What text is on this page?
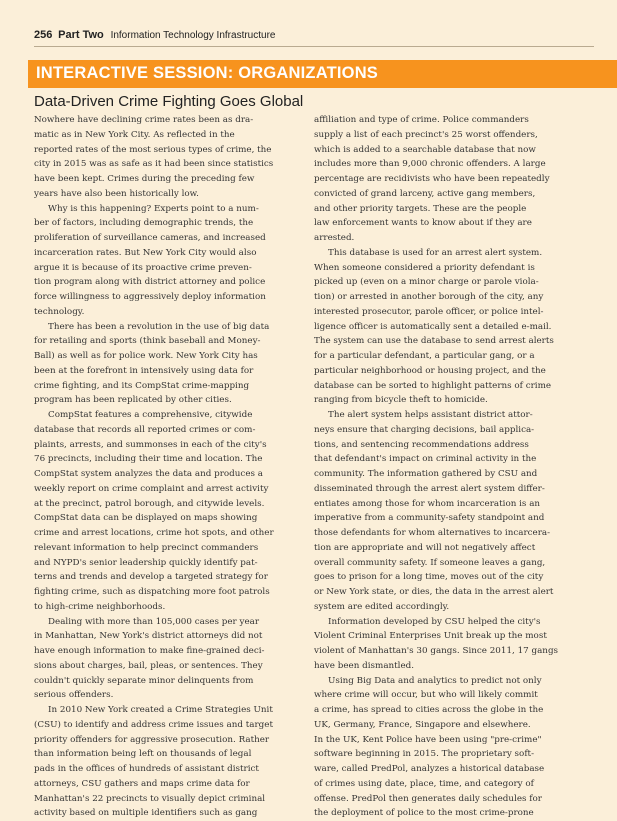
256 Part Two Information Technology Infrastructure
INTERACTIVE SESSION: ORGANIZATIONS
Data-Driven Crime Fighting Goes Global
Nowhere have declining crime rates been as dra-
matic as in New York City. As reflected in the
reported rates of the most serious types of crime, the
city in 2015 was as safe as it had been since statistics
have been kept. Crimes during the preceding few
years have also been historically low.
Why is this happening? Experts point to a num-
ber of factors, including demographic trends, the
proliferation of surveillance cameras, and increased
incarceration rates. But New York City would also
argue it is because of its proactive crime preven-
tion program along with district attorney and police
force willingness to aggressively deploy information
technology.
There has been a revolution in the use of big data
for retailing and sports (think baseball and Money-
Ball) as well as for police work. New York City has
been at the forefront in intensively using data for
crime fighting, and its CompStat crime-mapping
program has been replicated by other cities.
CompStat features a comprehensive, citywide
database that records all reported crimes or com-
plaints, arrests, and summonses in each of the city's
76 precincts, including their time and location. The
CompStat system analyzes the data and produces a
weekly report on crime complaint and arrest activity
at the precinct, patrol borough, and citywide levels.
CompStat data can be displayed on maps showing
crime and arrest locations, crime hot spots, and other
relevant information to help precinct commanders
and NYPD's senior leadership quickly identify pat-
terns and trends and develop a targeted strategy for
fighting crime, such as dispatching more foot patrols
to high-crime neighborhoods.
Dealing with more than 105,000 cases per year
in Manhattan, New York's district attorneys did not
have enough information to make fine-grained deci-
sions about charges, bail, pleas, or sentences. They
couldn't quickly separate minor delinquents from
serious offenders.
In 2010 New York created a Crime Strategies Unit
(CSU) to identify and address crime issues and target
priority offenders for aggressive prosecution. Rather
than information being left on thousands of legal
pads in the offices of hundreds of assistant district
attorneys, CSU gathers and maps crime data for
Manhattan's 22 precincts to visually depict criminal
activity based on multiple identifiers such as gang
affiliation and type of crime. Police commanders
supply a list of each precinct's 25 worst offenders,
which is added to a searchable database that now
includes more than 9,000 chronic offenders. A large
percentage are recidivists who have been repeatedly
convicted of grand larceny, active gang members,
and other priority targets. These are the people
law enforcement wants to know about if they are
arrested.
This database is used for an arrest alert system.
When someone considered a priority defendant is
picked up (even on a minor charge or parole viola-
tion) or arrested in another borough of the city, any
interested prosecutor, parole officer, or police intel-
ligence officer is automatically sent a detailed e-mail.
The system can use the database to send arrest alerts
for a particular defendant, a particular gang, or a
particular neighborhood or housing project, and the
database can be sorted to highlight patterns of crime
ranging from bicycle theft to homicide.
The alert system helps assistant district attor-
neys ensure that charging decisions, bail applica-
tions, and sentencing recommendations address
that defendant's impact on criminal activity in the
community. The information gathered by CSU and
disseminated through the arrest alert system differ-
entiates among those for whom incarceration is an
imperative from a community-safety standpoint and
those defendants for whom alternatives to incarcera-
tion are appropriate and will not negatively affect
overall community safety. If someone leaves a gang,
goes to prison for a long time, moves out of the city
or New York state, or dies, the data in the arrest alert
system are edited accordingly.
Information developed by CSU helped the city's
Violent Criminal Enterprises Unit break up the most
violent of Manhattan's 30 gangs. Since 2011, 17 gangs
have been dismantled.
Using Big Data and analytics to predict not only
where crime will occur, but who will likely commit
a crime, has spread to cities across the globe in the
UK, Germany, France, Singapore and elsewhere.
In the UK, Kent Police have been using "pre-crime"
software beginning in 2015. The proprietary soft-
ware, called PredPol, analyzes a historical database
of crimes using date, place, time, and category of
offense. PredPol then generates daily schedules for
the deployment of police to the most crime-prone
